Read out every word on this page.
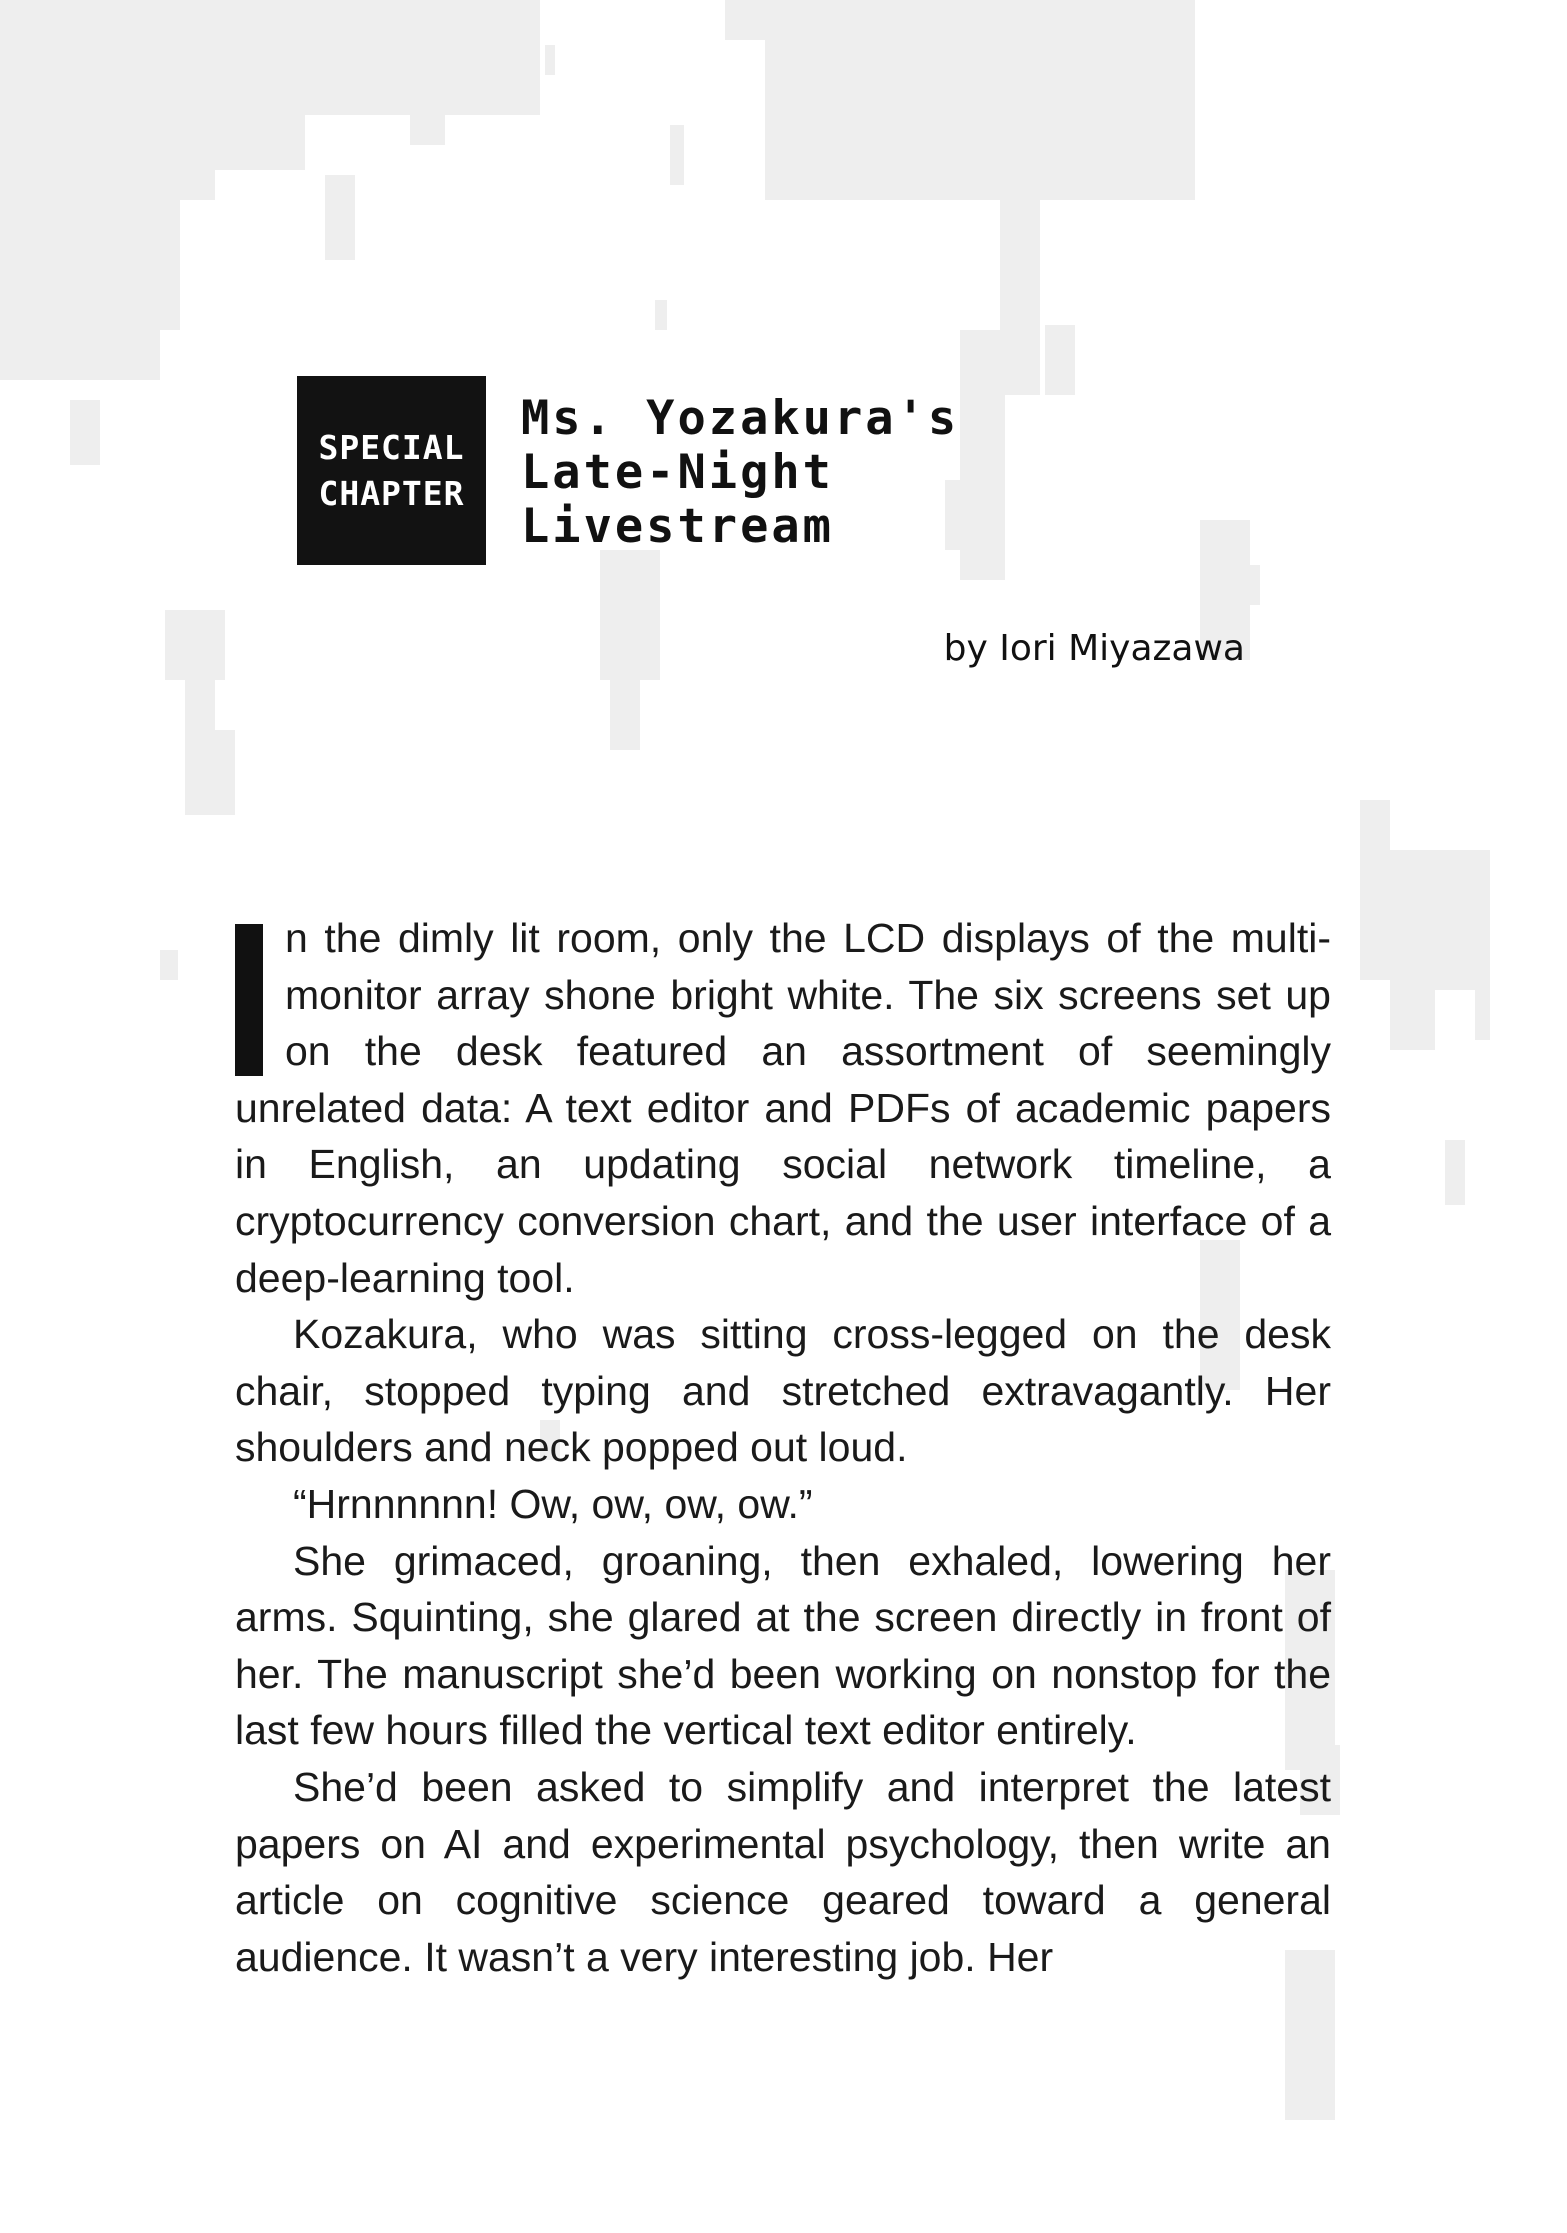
SPECIAL
CHAPTER
Ms. Yozakura's
Late-Night
Livestream
by Iori Miyazawa

n the dimly lit room, only the LCD displays of the multi-monitor array shone bright white. The six screens set up on the desk featured an assortment of seemingly unrelated data: A text editor and PDFs of academic papers in English, an updating social network timeline, a cryptocurrency conversion chart, and the user interface of a deep-learning tool.

Kozakura, who was sitting cross-legged on the desk chair, stopped typing and stretched extravagantly. Her shoulders and neck popped out loud.

“Hrnnnnnn! Ow, ow, ow, ow.”

She grimaced, groaning, then exhaled, lowering her arms. Squinting, she glared at the screen directly in front of her. The manuscript she’d been working on nonstop for the last few hours filled the vertical text editor entirely.

She’d been asked to simplify and interpret the latest papers on AI and experimental psychology, then write an article on cognitive science geared toward a general audience. It wasn’t a very interesting job. Her
